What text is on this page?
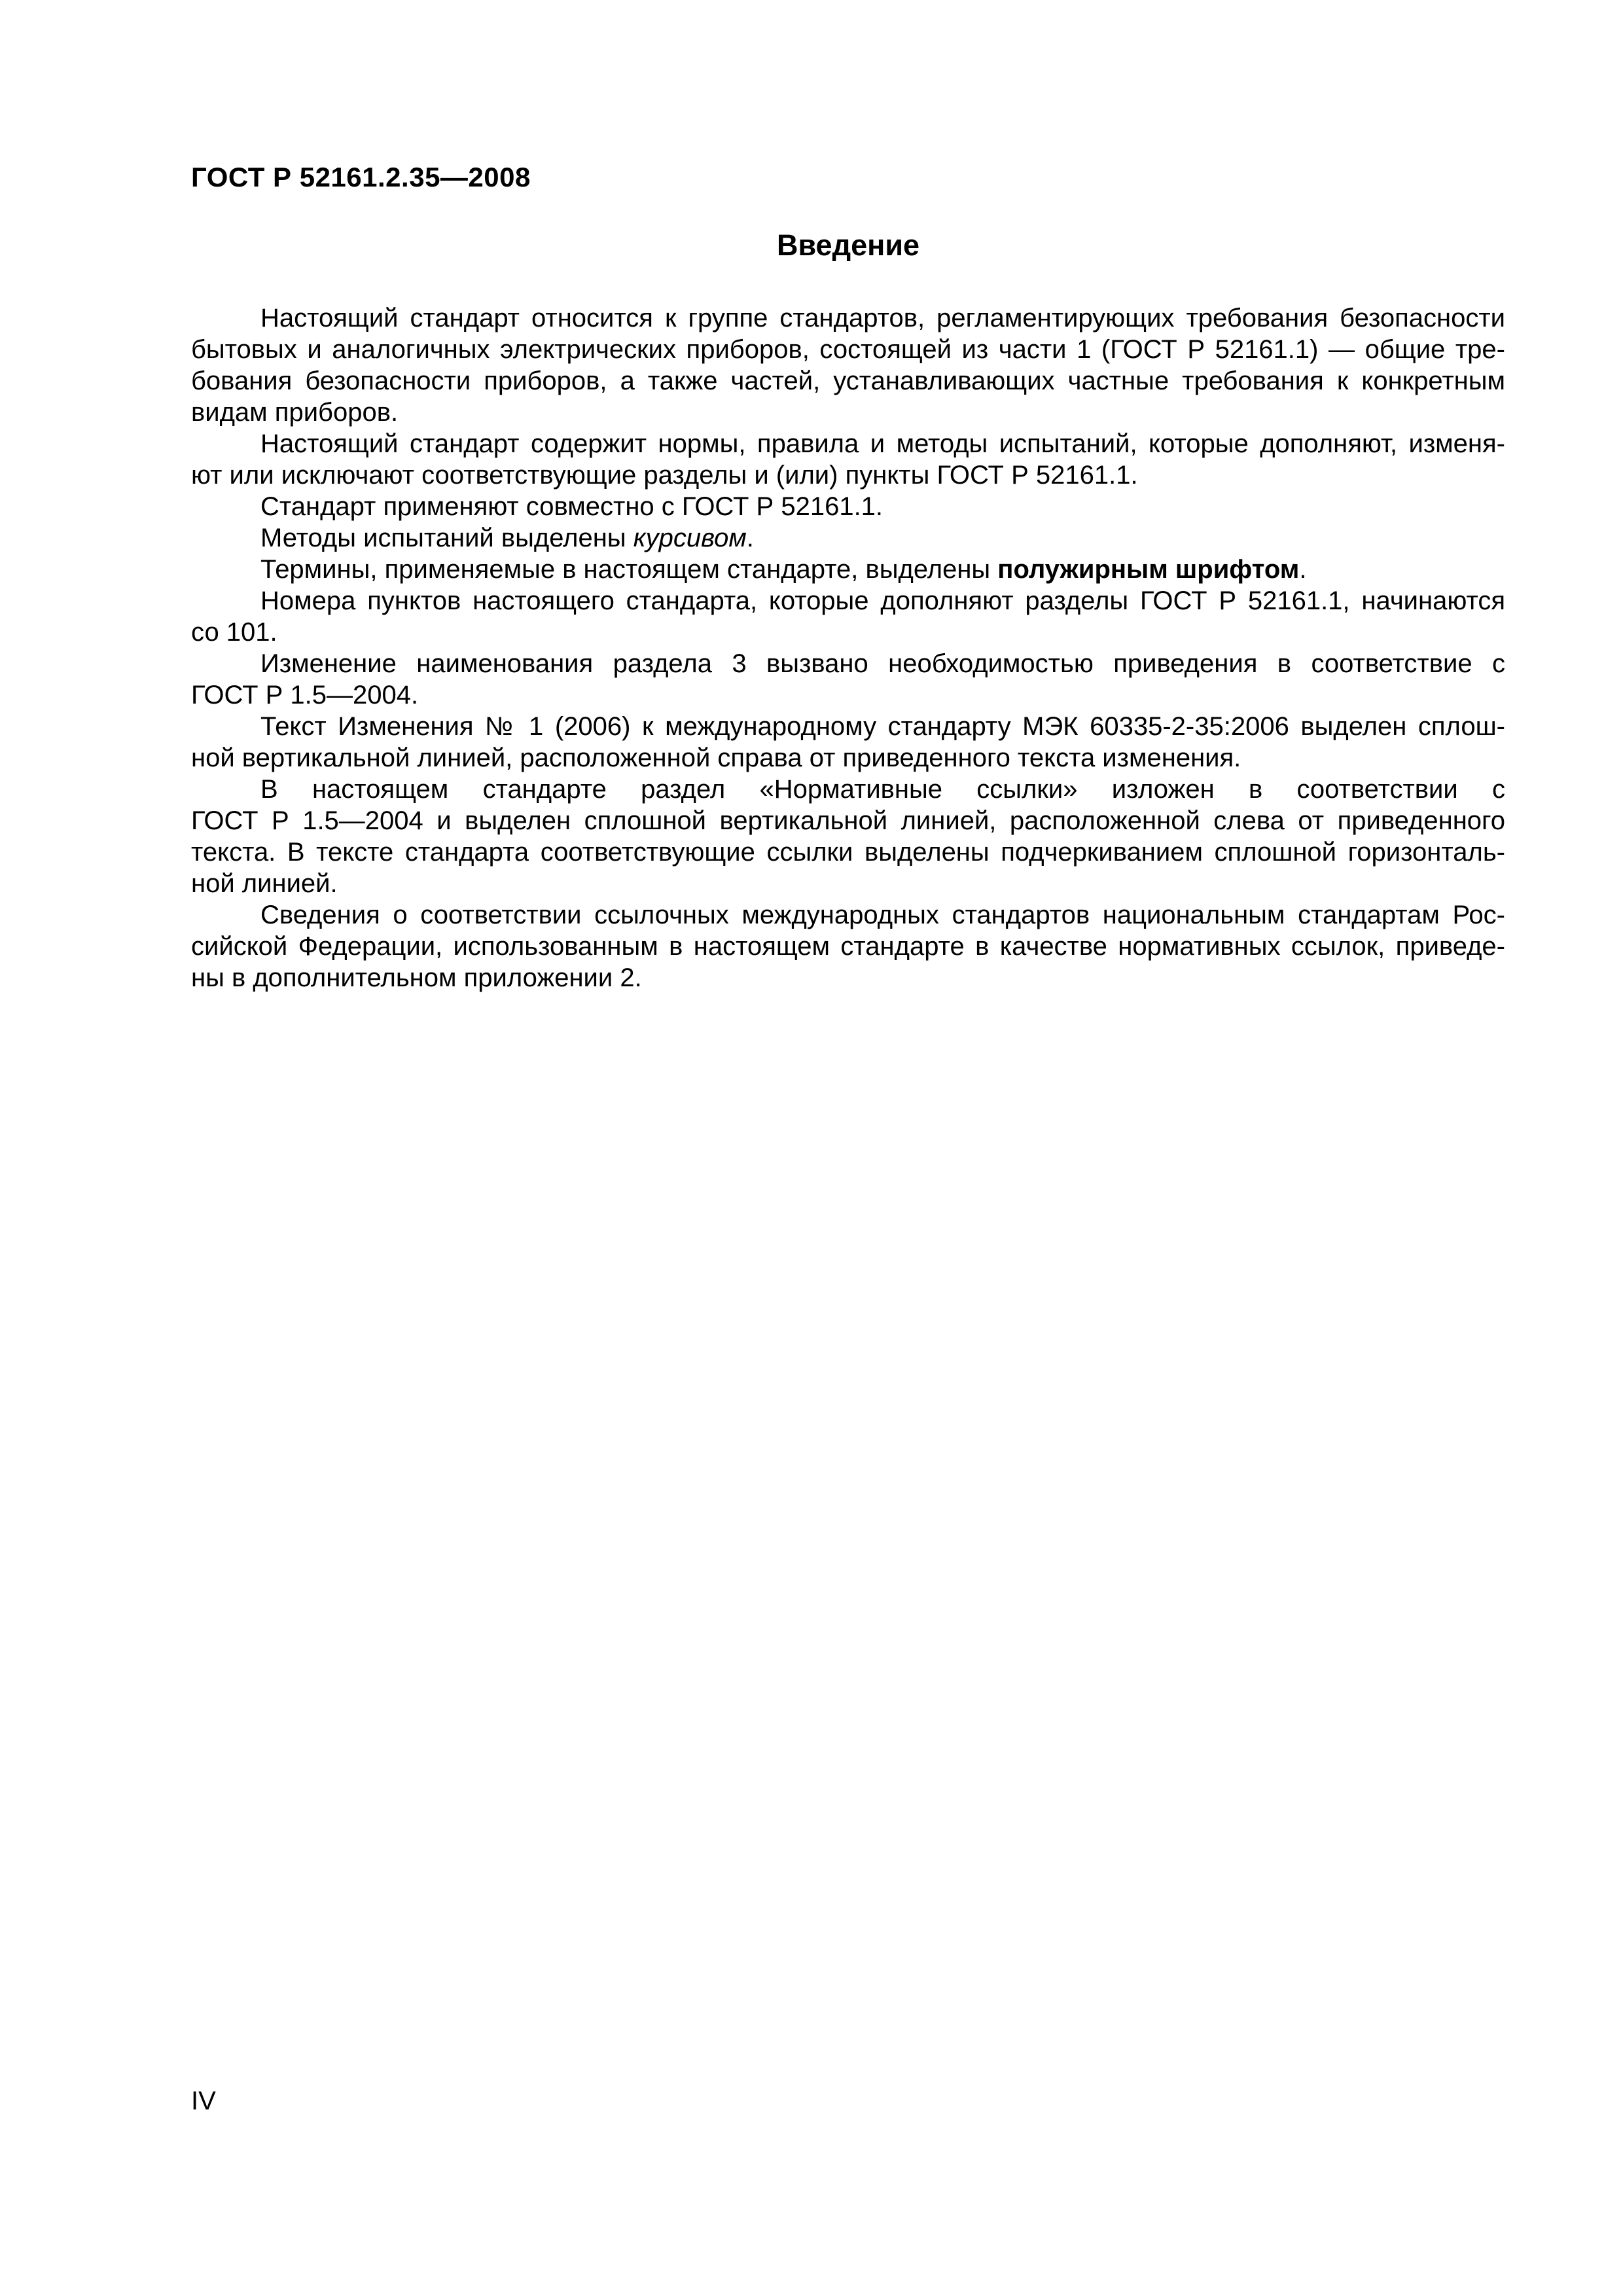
ГОСТ Р 52161.2.35—2008
Введение
Настоящий стандарт относится к группе стандартов, регламентирующих требования безопасности
бытовых и аналогичных электрических приборов, состоящей из части 1 (ГОСТ Р 52161.1) — общие тре-
бования безопасности приборов, а также частей, устанавливающих частные требования к конкретным
видам приборов.
Настоящий стандарт содержит нормы, правила и методы испытаний, которые дополняют, изменя-
ют или исключают соответствующие разделы и (или) пункты ГОСТ Р 52161.1.
Стандарт применяют совместно с ГОСТ Р 52161.1.
Методы испытаний выделены курсивом.
Термины, применяемые в настоящем стандарте, выделены полужирным шрифтом.
Номера пунктов настоящего стандарта, которые дополняют разделы ГОСТ Р 52161.1, начинаются
со 101.
Изменение наименования раздела 3 вызвано необходимостью приведения в соответствие с
ГОСТ Р 1.5—2004.
Текст Изменения № 1 (2006) к международному стандарту МЭК 60335-2-35:2006 выделен сплош-
ной вертикальной линией, расположенной справа от приведенного текста изменения.
В настоящем стандарте раздел «Нормативные ссылки» изложен в соответствии с
ГОСТ Р 1.5—2004 и выделен сплошной вертикальной линией, расположенной слева от приведенного
текста. В тексте стандарта соответствующие ссылки выделены подчеркиванием сплошной горизонталь-
ной линией.
Сведения о соответствии ссылочных международных стандартов национальным стандартам Рос-
сийской Федерации, использованным в настоящем стандарте в качестве нормативных ссылок, приведе-
ны в дополнительном приложении 2.
IV
